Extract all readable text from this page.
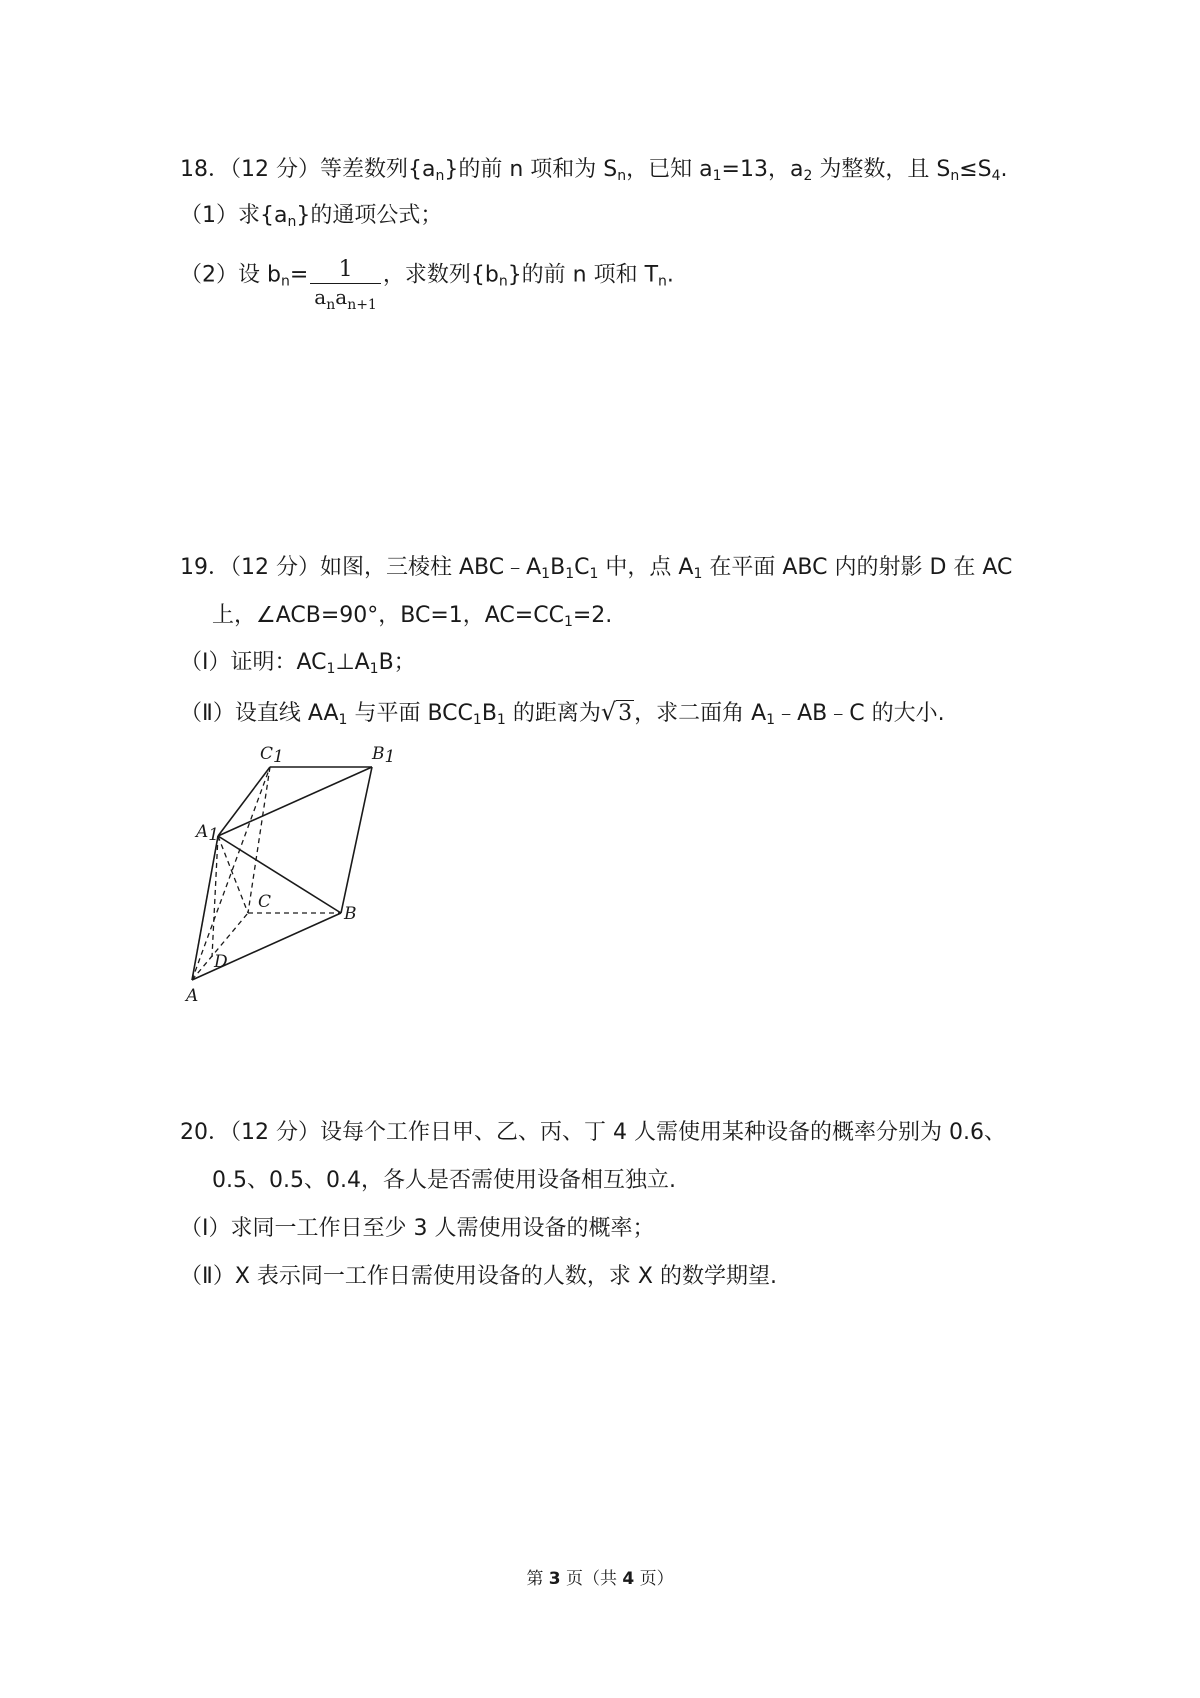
18．（12 分）等差数列$\{a_n\}$的前 n 项和为 $S_n$，已知 $a_1=13$，$a_2$ 为整数，且 $S_n\le S_4$.
（1）求$\{a_n\}$的通项公式；
（2）设 $b_n= \frac{1}{a_na_{n+1}}$ ，求数列$\{b_n\}$的前 n 项和 $T_n$.
19．（12 分）如图，三棱柱 $ABC﹣A_1B_1C_1$ 中，点 $A_1$ 在平面 ABC 内的射影 D 在 AC
上，∠ACB=90°，BC=1，$AC=CC_1=2$.
（Ⅰ）证明：$AC_1\perp A_1B$；
（Ⅱ）设直线 $AA_1$ 与平面 $BCC_1B_1$ 的距离为√3，求二面角 $A_1﹣AB﹣C$ 的大小.
C1	B1
A1
C
B
D
A
20．（12 分）设每个工作日甲、乙、丙、丁 4 人需使用某种设备的概率分别为 0.6、
0.5、0.5、0.4，各人是否需使用设备相互独立.
（Ⅰ）求同一工作日至少 3 人需使用设备的概率；
（Ⅱ）X 表示同一工作日需使用设备的人数，求 X 的数学期望.
第 3 页（共 4 页）
